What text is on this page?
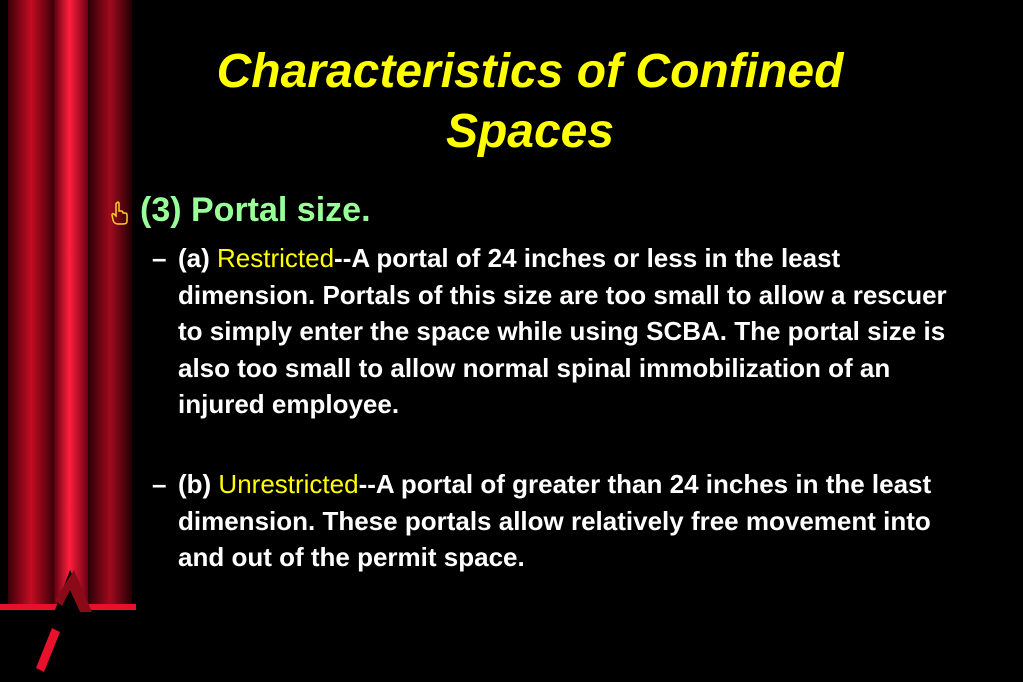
Characteristics of Confined Spaces
(3) Portal size.
– (a) Restricted--A portal of 24 inches or less in the least dimension. Portals of this size are too small to allow a rescuer to simply enter the space while using SCBA. The portal size is also too small to allow normal spinal immobilization of an injured employee.
– (b) Unrestricted--A portal of greater than 24 inches in the least dimension. These portals allow relatively free movement into and out of the permit space.
